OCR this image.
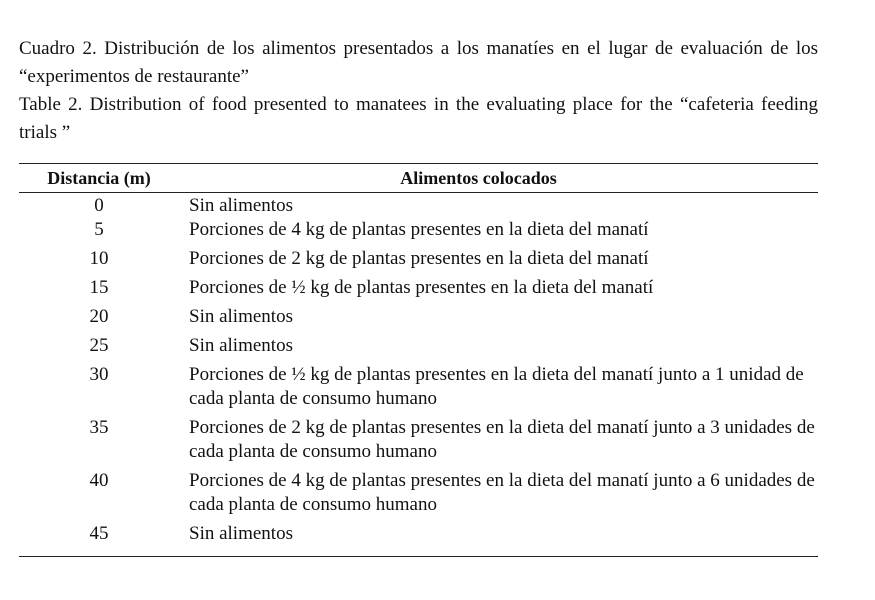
Cuadro 2. Distribución de los alimentos presentados a los manatíes en el lugar de evaluación de los “experimentos de restaurante”

Table 2. Distribution of food presented to manatees in the evaluating place for the “cafeteria feeding trials ”

Distancia (m)	Alimentos colocados
0	Sin alimentos
5	Porciones de 4 kg de plantas presentes en la dieta del manatí
10	Porciones de 2 kg de plantas presentes en la dieta del manatí
15	Porciones de ½ kg de plantas presentes en la dieta del manatí
20	Sin alimentos
25	Sin alimentos
30	Porciones de ½ kg de plantas presentes en la dieta del manatí junto a 1 unidad de cada planta de consumo humano
35	Porciones de 2 kg de plantas presentes en la dieta del manatí junto a 3 unidades de cada planta de consumo humano
40	Porciones de 4 kg de plantas presentes en la dieta del manatí junto a 6 unidades de cada planta de consumo humano
45	Sin alimentos
